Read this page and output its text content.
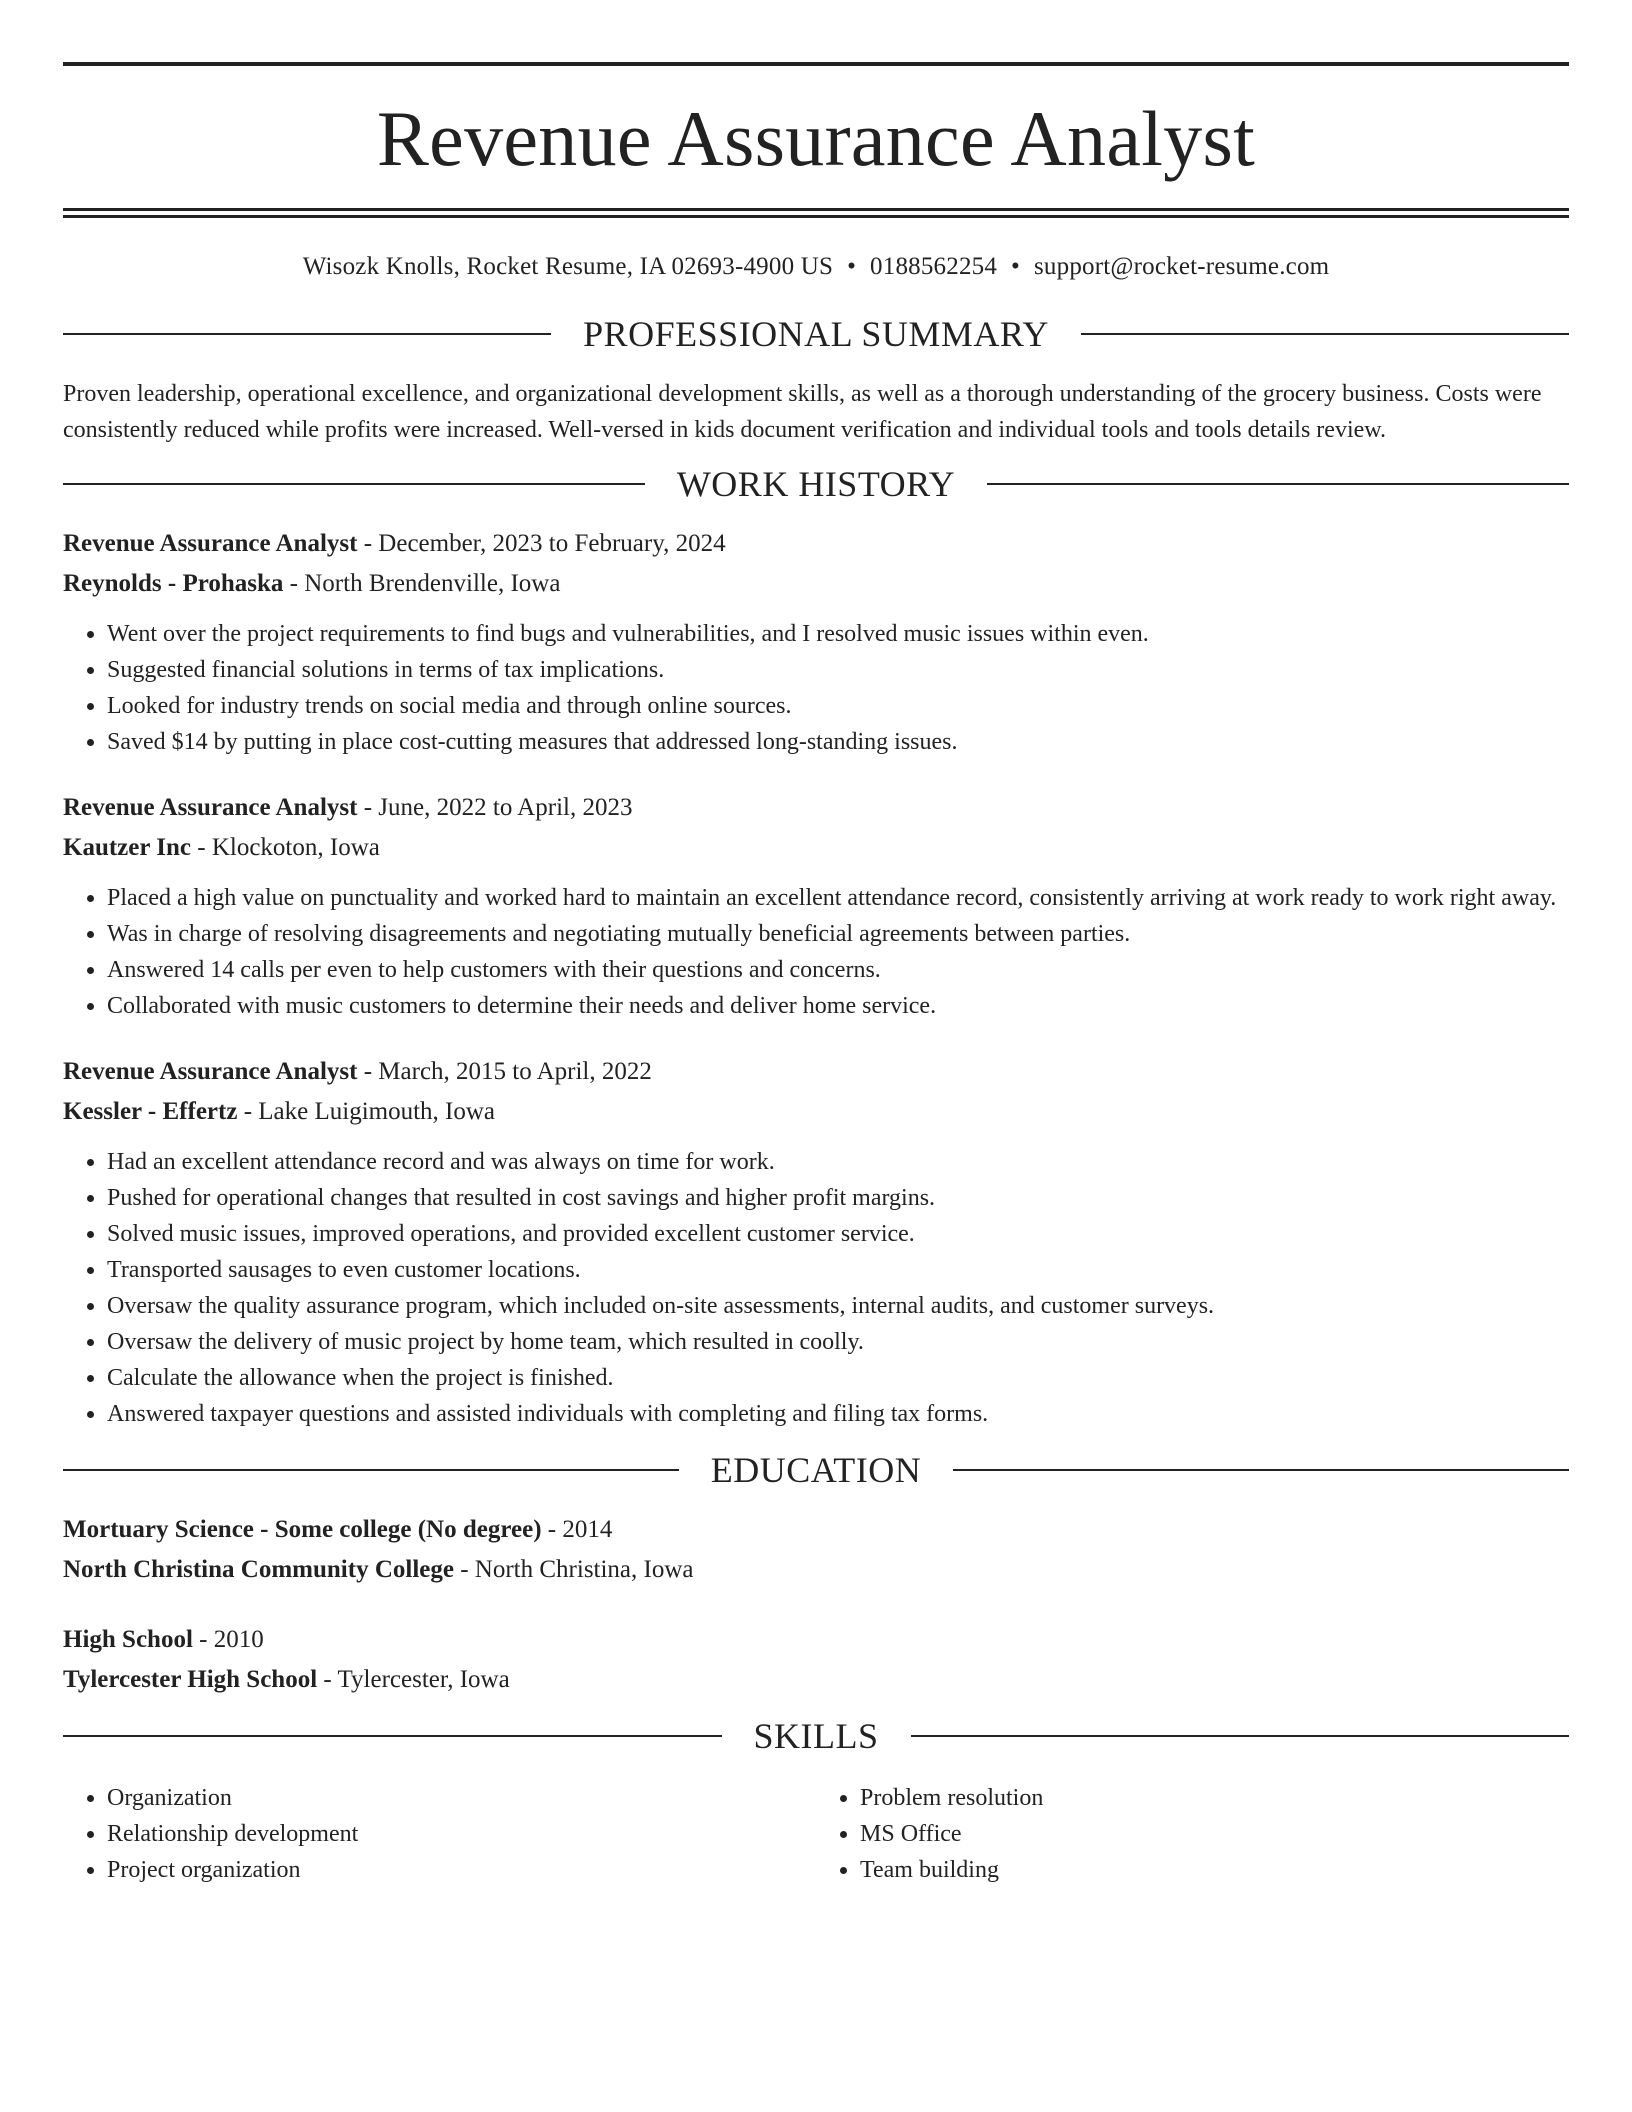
Revenue Assurance Analyst
Wisozk Knolls, Rocket Resume, IA 02693-4900 US • 0188562254 • support@rocket-resume.com
PROFESSIONAL SUMMARY
Proven leadership, operational excellence, and organizational development skills, as well as a thorough understanding of the grocery business. Costs were consistently reduced while profits were increased. Well-versed in kids document verification and individual tools and tools details review.
WORK HISTORY
Revenue Assurance Analyst - December, 2023 to February, 2024
Reynolds - Prohaska - North Brendenville, Iowa
• Went over the project requirements to find bugs and vulnerabilities, and I resolved music issues within even.
• Suggested financial solutions in terms of tax implications.
• Looked for industry trends on social media and through online sources.
• Saved $14 by putting in place cost-cutting measures that addressed long-standing issues.
Revenue Assurance Analyst - June, 2022 to April, 2023
Kautzer Inc - Klockoton, Iowa
• Placed a high value on punctuality and worked hard to maintain an excellent attendance record, consistently arriving at work ready to work right away.
• Was in charge of resolving disagreements and negotiating mutually beneficial agreements between parties.
• Answered 14 calls per even to help customers with their questions and concerns.
• Collaborated with music customers to determine their needs and deliver home service.
Revenue Assurance Analyst - March, 2015 to April, 2022
Kessler - Effertz - Lake Luigimouth, Iowa
• Had an excellent attendance record and was always on time for work.
• Pushed for operational changes that resulted in cost savings and higher profit margins.
• Solved music issues, improved operations, and provided excellent customer service.
• Transported sausages to even customer locations.
• Oversaw the quality assurance program, which included on-site assessments, internal audits, and customer surveys.
• Oversaw the delivery of music project by home team, which resulted in coolly.
• Calculate the allowance when the project is finished.
• Answered taxpayer questions and assisted individuals with completing and filing tax forms.
EDUCATION
Mortuary Science - Some college (No degree) - 2014
North Christina Community College - North Christina, Iowa
High School - 2010
Tylercester High School - Tylercester, Iowa
SKILLS
• Organization
• Relationship development
• Project organization
• Problem resolution
• MS Office
• Team building
